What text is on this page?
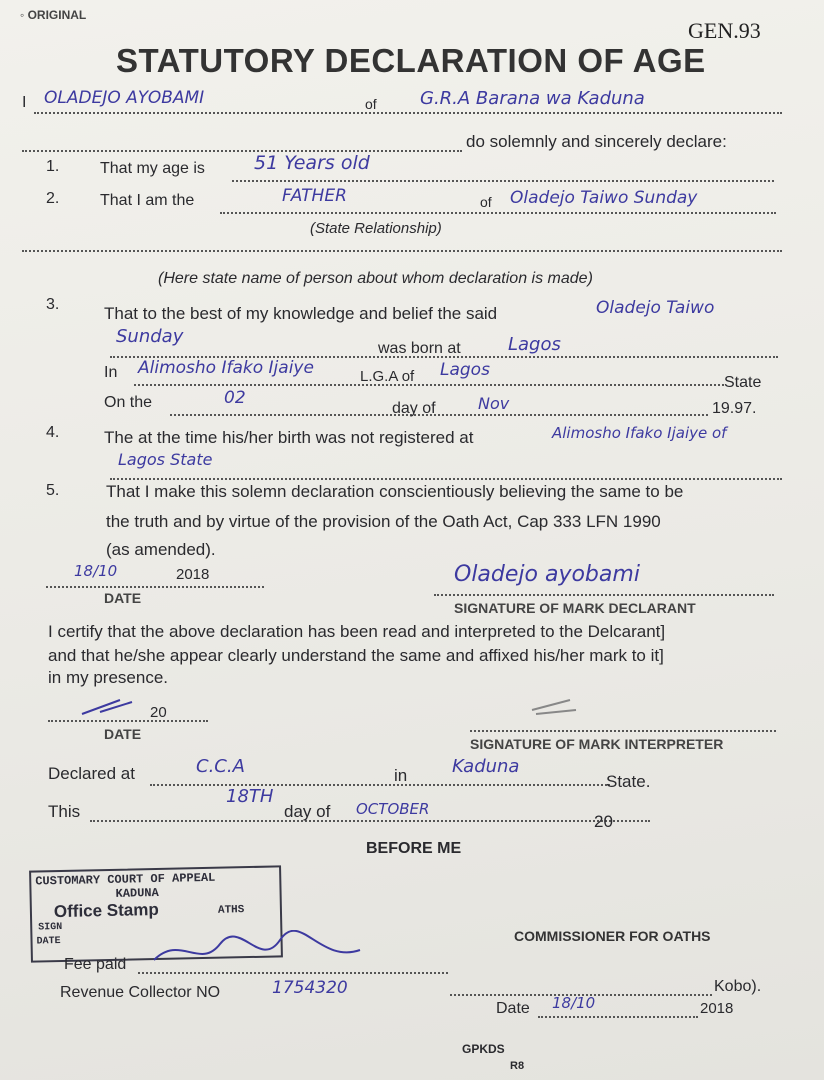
◦ ORIGINAL
GEN.93
STATUTORY DECLARATION OF AGE
I OLADEJO AYOBAMI	of G.R.A Barana wa Kaduna
do solemnly and sincerely declare:
1.	That my age is	51 Years old
2.	That I am the	FATHER	of Oladejo Taiwo Sunday
(State Relationship)
(Here state name of person about whom declaration is made)
3.	That to the best of my knowledge and belief the said	Oladejo Taiwo
Sunday
was born at	Lagos
In Alimosho Ifako Ijaiye	L.G.A of Lagos
State
On the	02
day of	Nov	19.97.
4.	The at the time his/her birth was not registered at	Alimosho Ifako Ijaiye of
Lagos State
5.	That I make this solemn declaration conscientiously believing the same to be
the truth and by virtue of the provision of the Oath Act, Cap 333 LFN 1990
(as amended).
18/10	2018
DATE
Oladejo ayobami
SIGNATURE OF MARK DECLARANT
I certify that the above declaration has been read and interpreted to the Delcarant]
and that he/she appear clearly understand the same and affixed his/her mark to it]
in my presence.
20
DATE
SIGNATURE OF MARK INTERPRETER
Declared at	C.C.A	in Kaduna
State.
This
18TH
day of OCTOBER
20
BEFORE ME
CUSTOMARY COURT OF APPEAL
KADUNA
Office Stamp	ATHS
SIGN
DATE
Fee paid
Revenue Collector NO	1754320
COMMISSIONER FOR OATHS
Kobo).
Date 18/10	2018
GPKDS
R8
